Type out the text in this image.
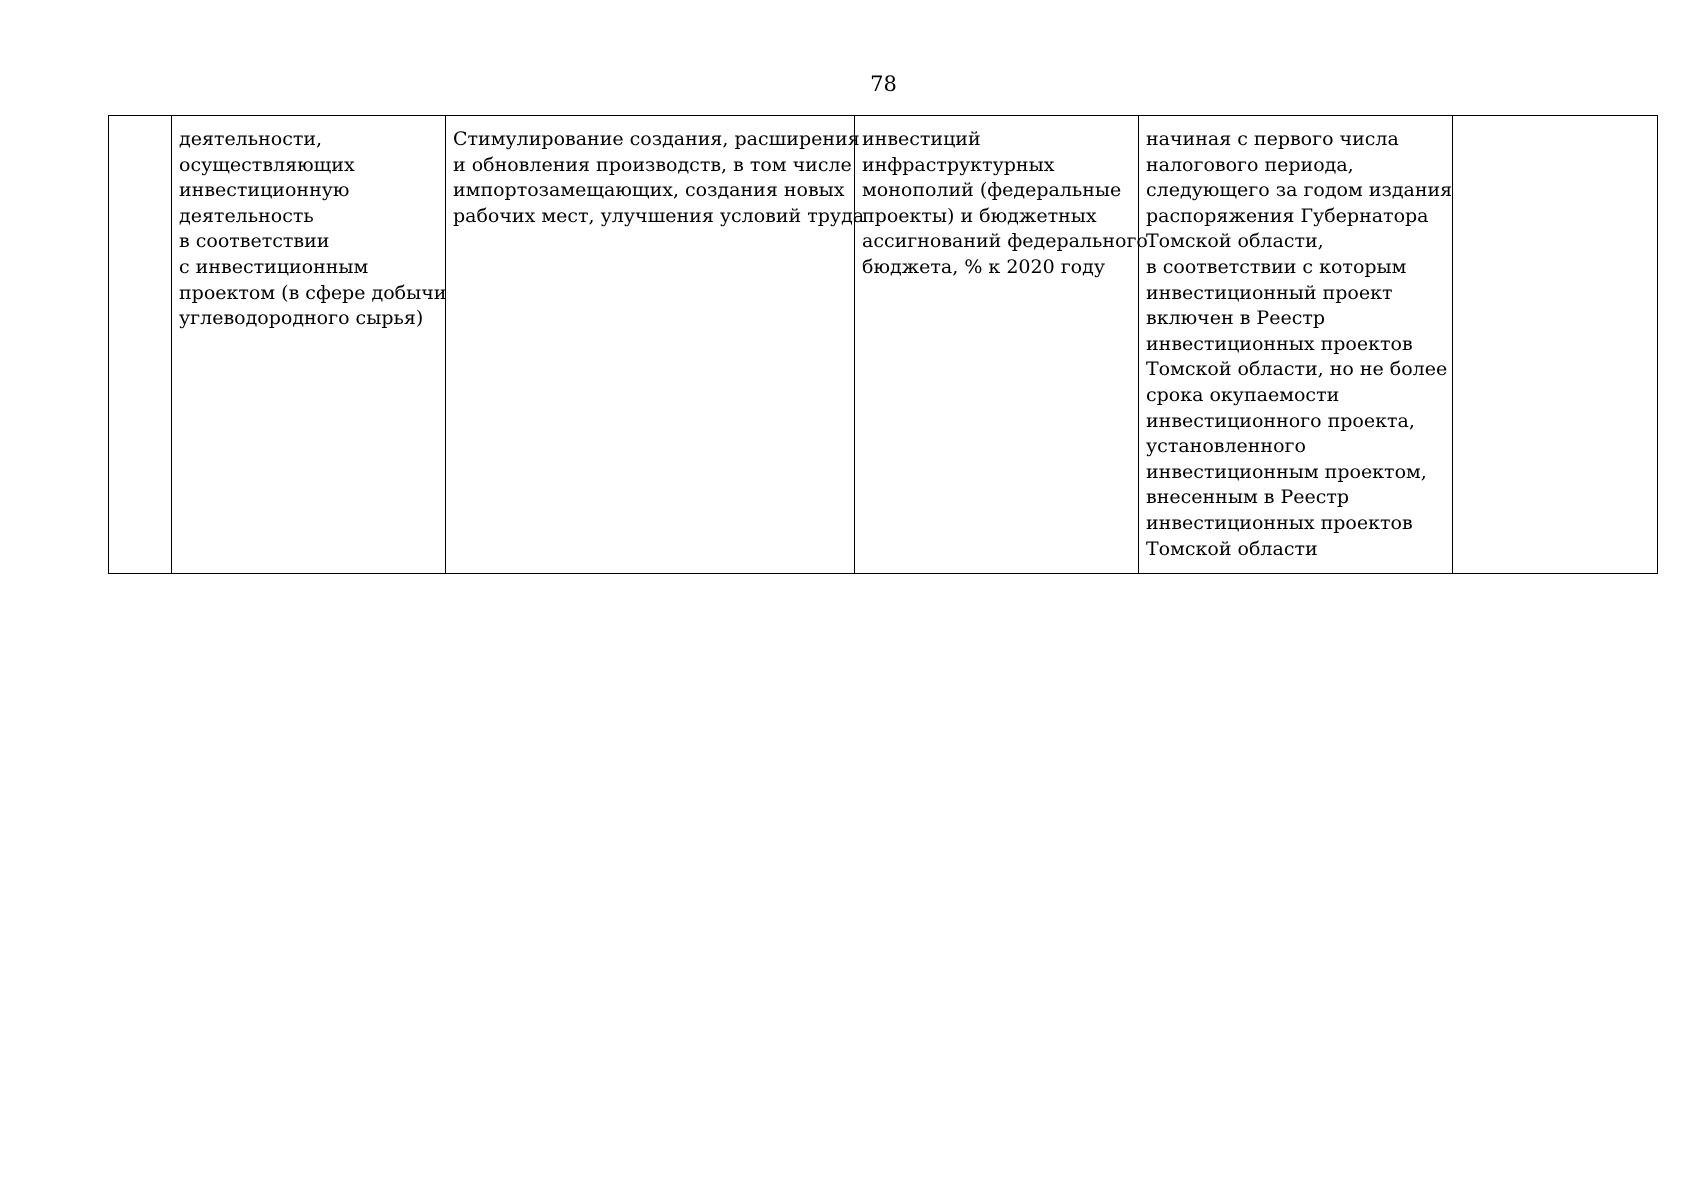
78

деятельности,
осуществляющих
инвестиционную
деятельность
в соответствии
с инвестиционным
проектом (в сфере добычи
углеводородного сырья)

Стимулирование создания, расширения
и обновления производств, в том числе
импортозамещающих, создания новых
рабочих мест, улучшения условий труда

инвестиций
инфраструктурных
монополий (федеральные
проекты) и бюджетных
ассигнований федерального
бюджета, % к 2020 году

начиная с первого числа
налогового периода,
следующего за годом издания
распоряжения Губернатора
Томской области,
в соответствии с которым
инвестиционный проект
включен в Реестр
инвестиционных проектов
Томской области, но не более
срока окупаемости
инвестиционного проекта,
установленного
инвестиционным проектом,
внесенным в Реестр
инвестиционных проектов
Томской области
